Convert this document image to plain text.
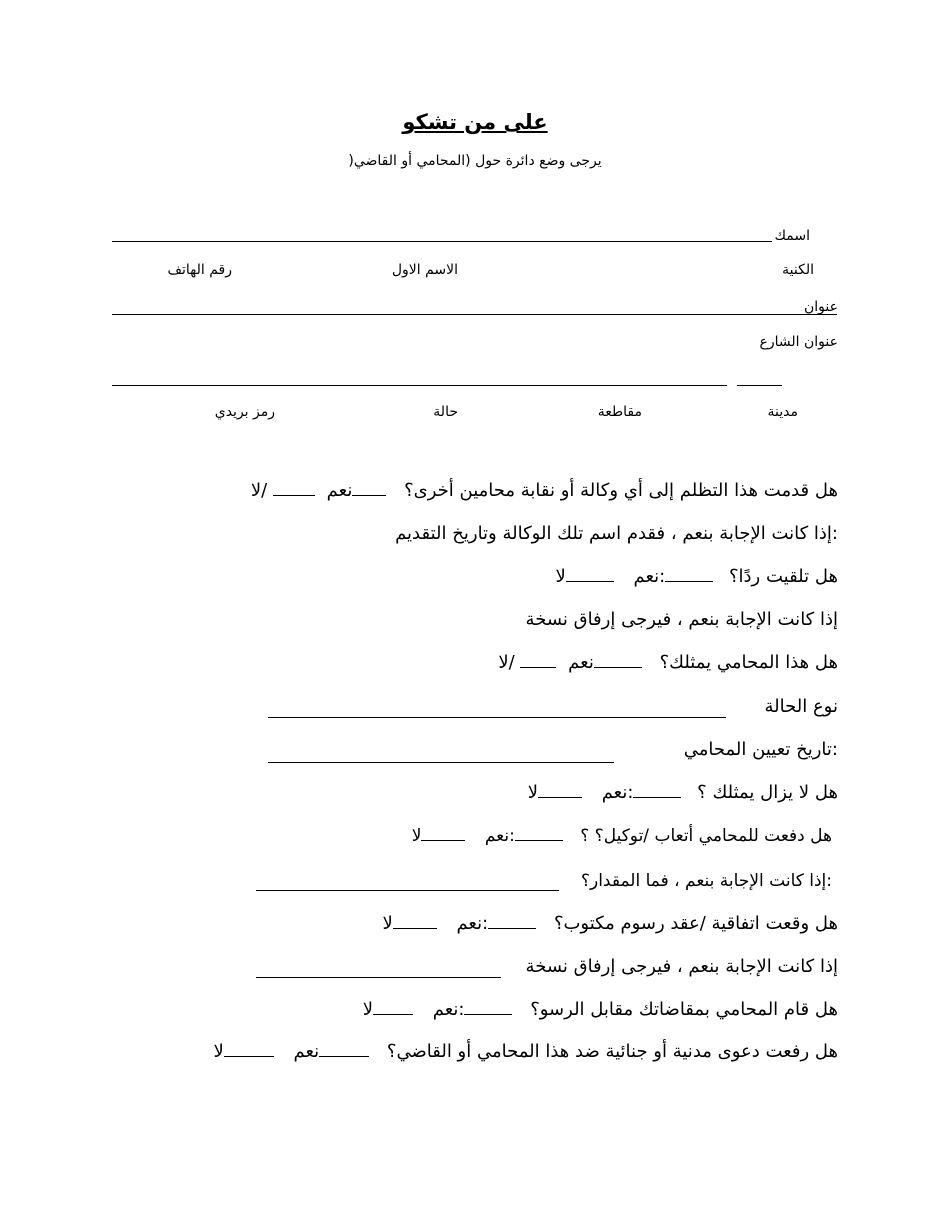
على من تشكو
)يرجى وضع دائرة حول (المحامي أو القاضي
اسمك
الكنية
الاسم الاول
رقم الهاتف
عنوان
عنوان الشارع
مدينة
مقاطعة
حالة
رمز بريدي
هل قدمت هذا التظلم إلى أي وكالة أو نقابة محامين أخرى؟ نعم  /لا
:إذا كانت الإجابة بنعم ، فقدم اسم تلك الوكالة وتاريخ التقديم
هل تلقيت ردًا؟ :نعم لا
إذا كانت الإجابة بنعم ، فيرجى إرفاق نسخة
هل هذا المحامي يمثلك؟ نعم  /لا
نوع الحالة
:تاريخ تعيين المحامي
هل لا يزال يمثلك ؟ :نعم لا
هل دفعت للمحامي أتعاب /توكيل؟ ؟ :نعم لا
:إذا كانت الإجابة بنعم ، فما المقدار؟
هل وقعت اتفاقية /عقد رسوم مكتوب؟ :نعم لا
إذا كانت الإجابة بنعم ، فيرجى إرفاق نسخة
هل قام المحامي بمقاضاتك مقابل الرسو؟ :نعم لا
هل رفعت دعوى مدنية أو جنائية ضد هذا المحامي أو القاضي؟ نعم لا
